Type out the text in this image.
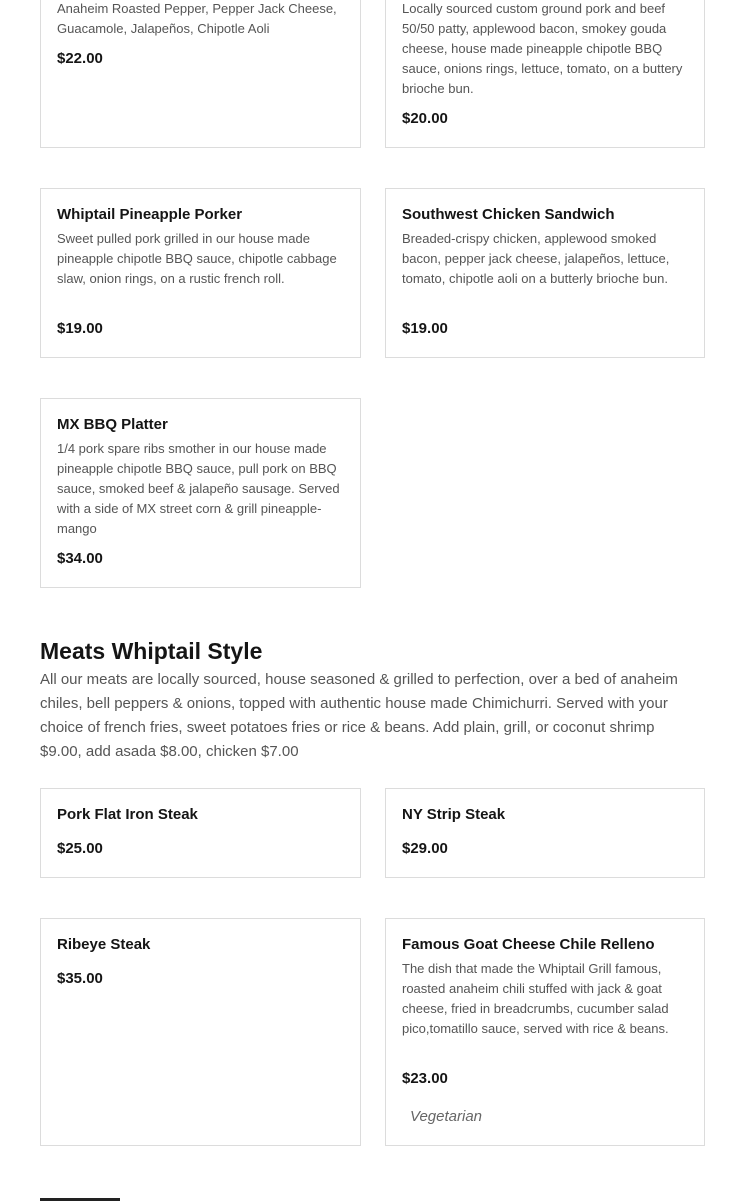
Anaheim Roasted Pepper, Pepper Jack Cheese, Guacamole, Jalapeños, Chipotle Aoli

$22.00

Locally sourced custom ground pork and beef 50/50 patty, applewood bacon, smokey gouda cheese, house made pineapple chipotle BBQ sauce, onions rings, lettuce, tomato, on a buttery brioche bun.

$20.00

Whiptail Pineapple Porker

Sweet pulled pork grilled in our house made pineapple chipotle BBQ sauce, chipotle cabbage slaw, onion rings, on a rustic french roll.

$19.00

Southwest Chicken Sandwich

Breaded-crispy chicken, applewood smoked bacon, pepper jack cheese, jalapeños, lettuce, tomato, chipotle aoli on a butterly brioche bun.

$19.00

MX BBQ Platter

1/4 pork spare ribs smother in our house made pineapple chipotle BBQ sauce, pull pork on BBQ sauce, smoked beef & jalapeño sausage. Served with a side of MX street corn & grill pineapple-mango

$34.00

Meats Whiptail Style

All our meats are locally sourced, house seasoned & grilled to perfection, over a bed of anaheim chiles, bell peppers & onions, topped with authentic house made Chimichurri. Served with your choice of french fries, sweet potatoes fries or rice & beans. Add plain, grill, or coconut shrimp $9.00, add asada $8.00, chicken $7.00

Pork Flat Iron Steak

$25.00

NY Strip Steak

$29.00

Ribeye Steak

$35.00

Famous Goat Cheese Chile Relleno

The dish that made the Whiptail Grill famous, roasted anaheim chili stuffed with jack & goat cheese, fried in breadcrumbs, cucumber salad pico,tomatillo sauce, served with rice & beans.

$23.00

Vegetarian
